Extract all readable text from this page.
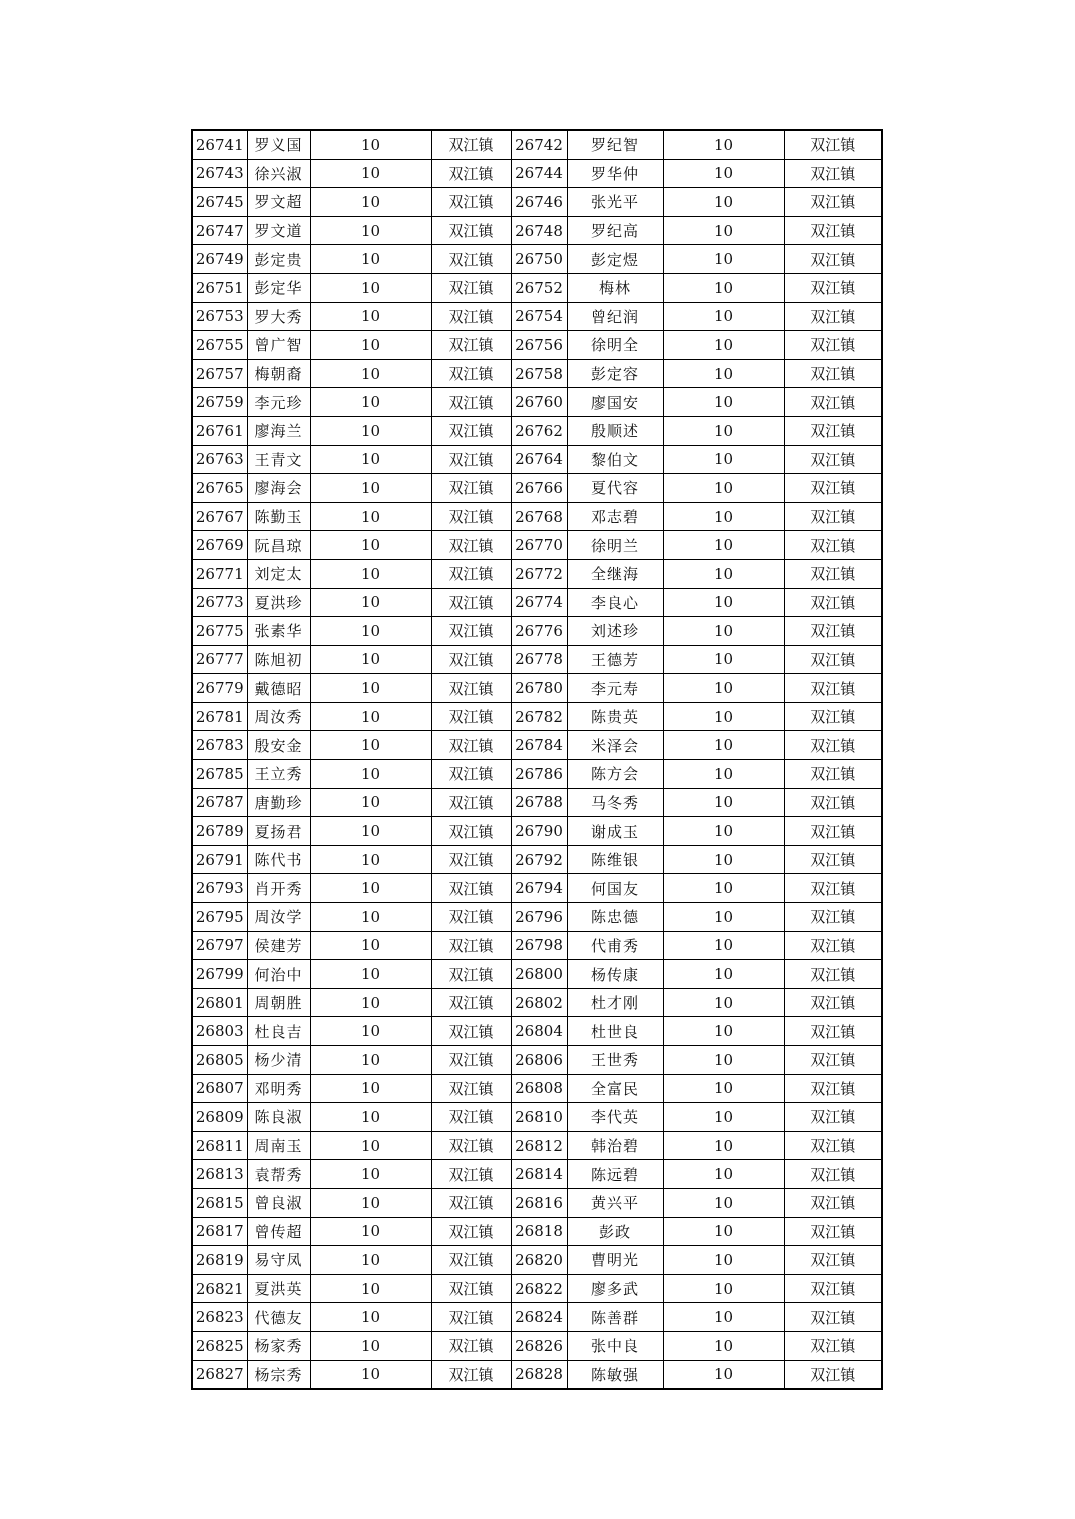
26741	罗义国	10	双江镇	26742	罗纪智	10	双江镇
26743	徐兴淑	10	双江镇	26744	罗华仲	10	双江镇
26745	罗文超	10	双江镇	26746	张光平	10	双江镇
26747	罗文道	10	双江镇	26748	罗纪高	10	双江镇
26749	彭定贵	10	双江镇	26750	彭定煜	10	双江镇
26751	彭定华	10	双江镇	26752	梅林	10	双江镇
26753	罗大秀	10	双江镇	26754	曾纪润	10	双江镇
26755	曾广智	10	双江镇	26756	徐明全	10	双江镇
26757	梅朝裔	10	双江镇	26758	彭定容	10	双江镇
26759	李元珍	10	双江镇	26760	廖国安	10	双江镇
26761	廖海兰	10	双江镇	26762	殷顺述	10	双江镇
26763	王青文	10	双江镇	26764	黎伯文	10	双江镇
26765	廖海会	10	双江镇	26766	夏代容	10	双江镇
26767	陈勤玉	10	双江镇	26768	邓志碧	10	双江镇
26769	阮昌琼	10	双江镇	26770	徐明兰	10	双江镇
26771	刘定太	10	双江镇	26772	全继海	10	双江镇
26773	夏洪珍	10	双江镇	26774	李良心	10	双江镇
26775	张素华	10	双江镇	26776	刘述珍	10	双江镇
26777	陈旭初	10	双江镇	26778	王德芳	10	双江镇
26779	戴德昭	10	双江镇	26780	李元寿	10	双江镇
26781	周汝秀	10	双江镇	26782	陈贵英	10	双江镇
26783	殷安金	10	双江镇	26784	米泽会	10	双江镇
26785	王立秀	10	双江镇	26786	陈方会	10	双江镇
26787	唐勤珍	10	双江镇	26788	马冬秀	10	双江镇
26789	夏扬君	10	双江镇	26790	谢成玉	10	双江镇
26791	陈代书	10	双江镇	26792	陈维银	10	双江镇
26793	肖开秀	10	双江镇	26794	何国友	10	双江镇
26795	周汝学	10	双江镇	26796	陈忠德	10	双江镇
26797	侯建芳	10	双江镇	26798	代甫秀	10	双江镇
26799	何治中	10	双江镇	26800	杨传康	10	双江镇
26801	周朝胜	10	双江镇	26802	杜才刚	10	双江镇
26803	杜良吉	10	双江镇	26804	杜世良	10	双江镇
26805	杨少清	10	双江镇	26806	王世秀	10	双江镇
26807	邓明秀	10	双江镇	26808	全富民	10	双江镇
26809	陈良淑	10	双江镇	26810	李代英	10	双江镇
26811	周南玉	10	双江镇	26812	韩治碧	10	双江镇
26813	袁帮秀	10	双江镇	26814	陈远碧	10	双江镇
26815	曾良淑	10	双江镇	26816	黄兴平	10	双江镇
26817	曾传超	10	双江镇	26818	彭政	10	双江镇
26819	易守凤	10	双江镇	26820	曹明光	10	双江镇
26821	夏洪英	10	双江镇	26822	廖多武	10	双江镇
26823	代德友	10	双江镇	26824	陈善群	10	双江镇
26825	杨家秀	10	双江镇	26826	张中良	10	双江镇
26827	杨宗秀	10	双江镇	26828	陈敏强	10	双江镇
